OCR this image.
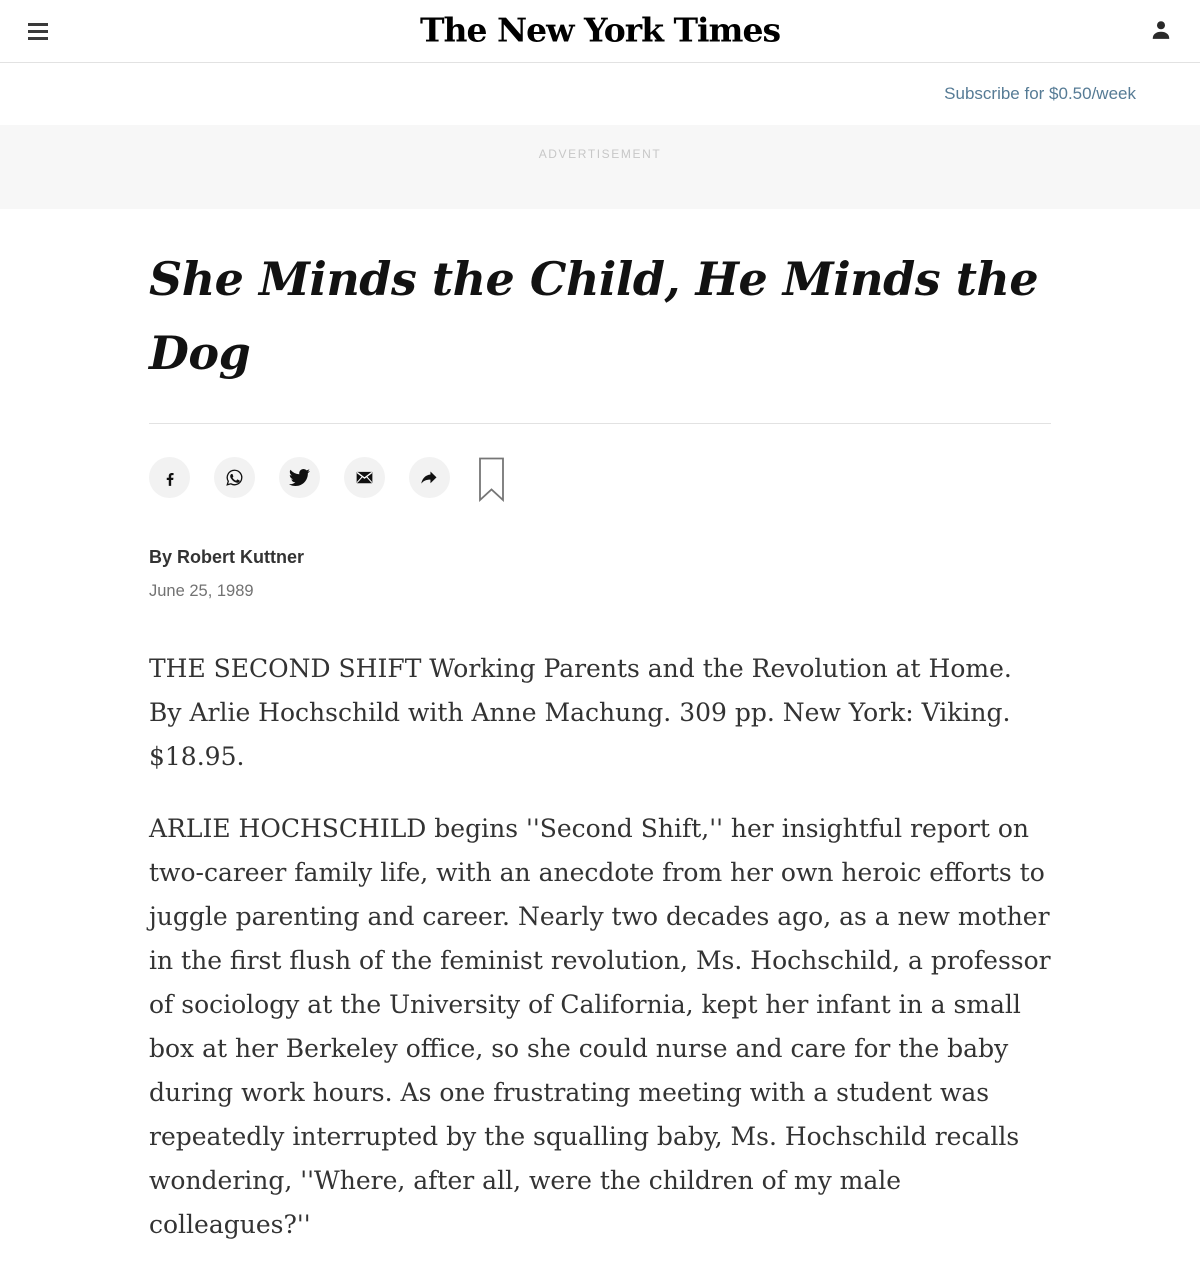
The New York Times
Subscribe for $0.50/week
ADVERTISEMENT
She Minds the Child, He Minds the Dog

By Robert Kuttner

June 25, 1989

THE SECOND SHIFT Working Parents and the Revolution at Home. By Arlie Hochschild with Anne Machung. 309 pp. New York: Viking. $18.95.

ARLIE HOCHSCHILD begins ''Second Shift,'' her insightful report on two-career family life, with an anecdote from her own heroic efforts to juggle parenting and career. Nearly two decades ago, as a new mother in the first flush of the feminist revolution, Ms. Hochschild, a professor of sociology at the University of California, kept her infant in a small box at her Berkeley office, so she could nurse and care for the baby during work hours. As one frustrating meeting with a student was repeatedly interrupted by the squalling baby, Ms. Hochschild recalls wondering, ''Where, after all, were the children of my male colleagues?''
